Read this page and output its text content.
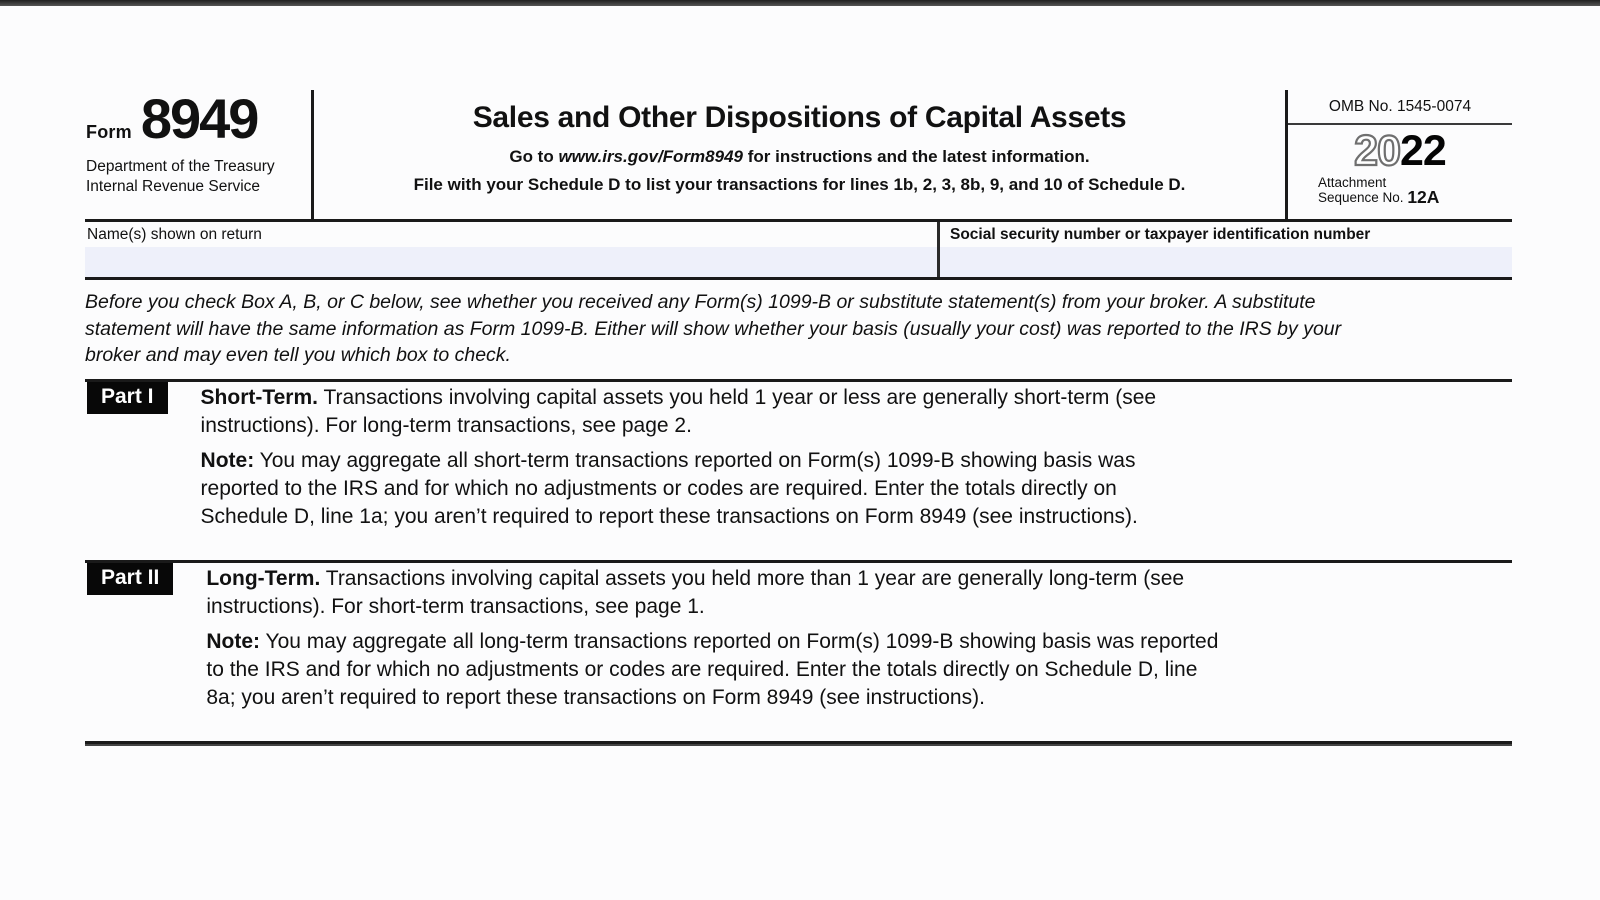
Form 8949
Department of the Treasury
Internal Revenue Service
Sales and Other Dispositions of Capital Assets
Go to www.irs.gov/Form8949 for instructions and the latest information.
File with your Schedule D to list your transactions for lines 1b, 2, 3, 8b, 9, and 10 of Schedule D.
OMB No. 1545-0074
2022
Attachment
Sequence No. 12A
Name(s) shown on return	Social security number or taxpayer identification number
Before you check Box A, B, or C below, see whether you received any Form(s) 1099-B or substitute statement(s) from your broker. A substitute
statement will have the same information as Form 1099-B. Either will show whether your basis (usually your cost) was reported to the IRS by your
broker and may even tell you which box to check.
Part I	Short-Term. Transactions involving capital assets you held 1 year or less are generally short-term (see
instructions). For long-term transactions, see page 2.
Note: You may aggregate all short-term transactions reported on Form(s) 1099-B showing basis was
reported to the IRS and for which no adjustments or codes are required. Enter the totals directly on
Schedule D, line 1a; you aren’t required to report these transactions on Form 8949 (see instructions).
Part II	Long-Term. Transactions involving capital assets you held more than 1 year are generally long-term (see
instructions). For short-term transactions, see page 1.
Note: You may aggregate all long-term transactions reported on Form(s) 1099-B showing basis was reported
to the IRS and for which no adjustments or codes are required. Enter the totals directly on Schedule D, line
8a; you aren’t required to report these transactions on Form 8949 (see instructions).
